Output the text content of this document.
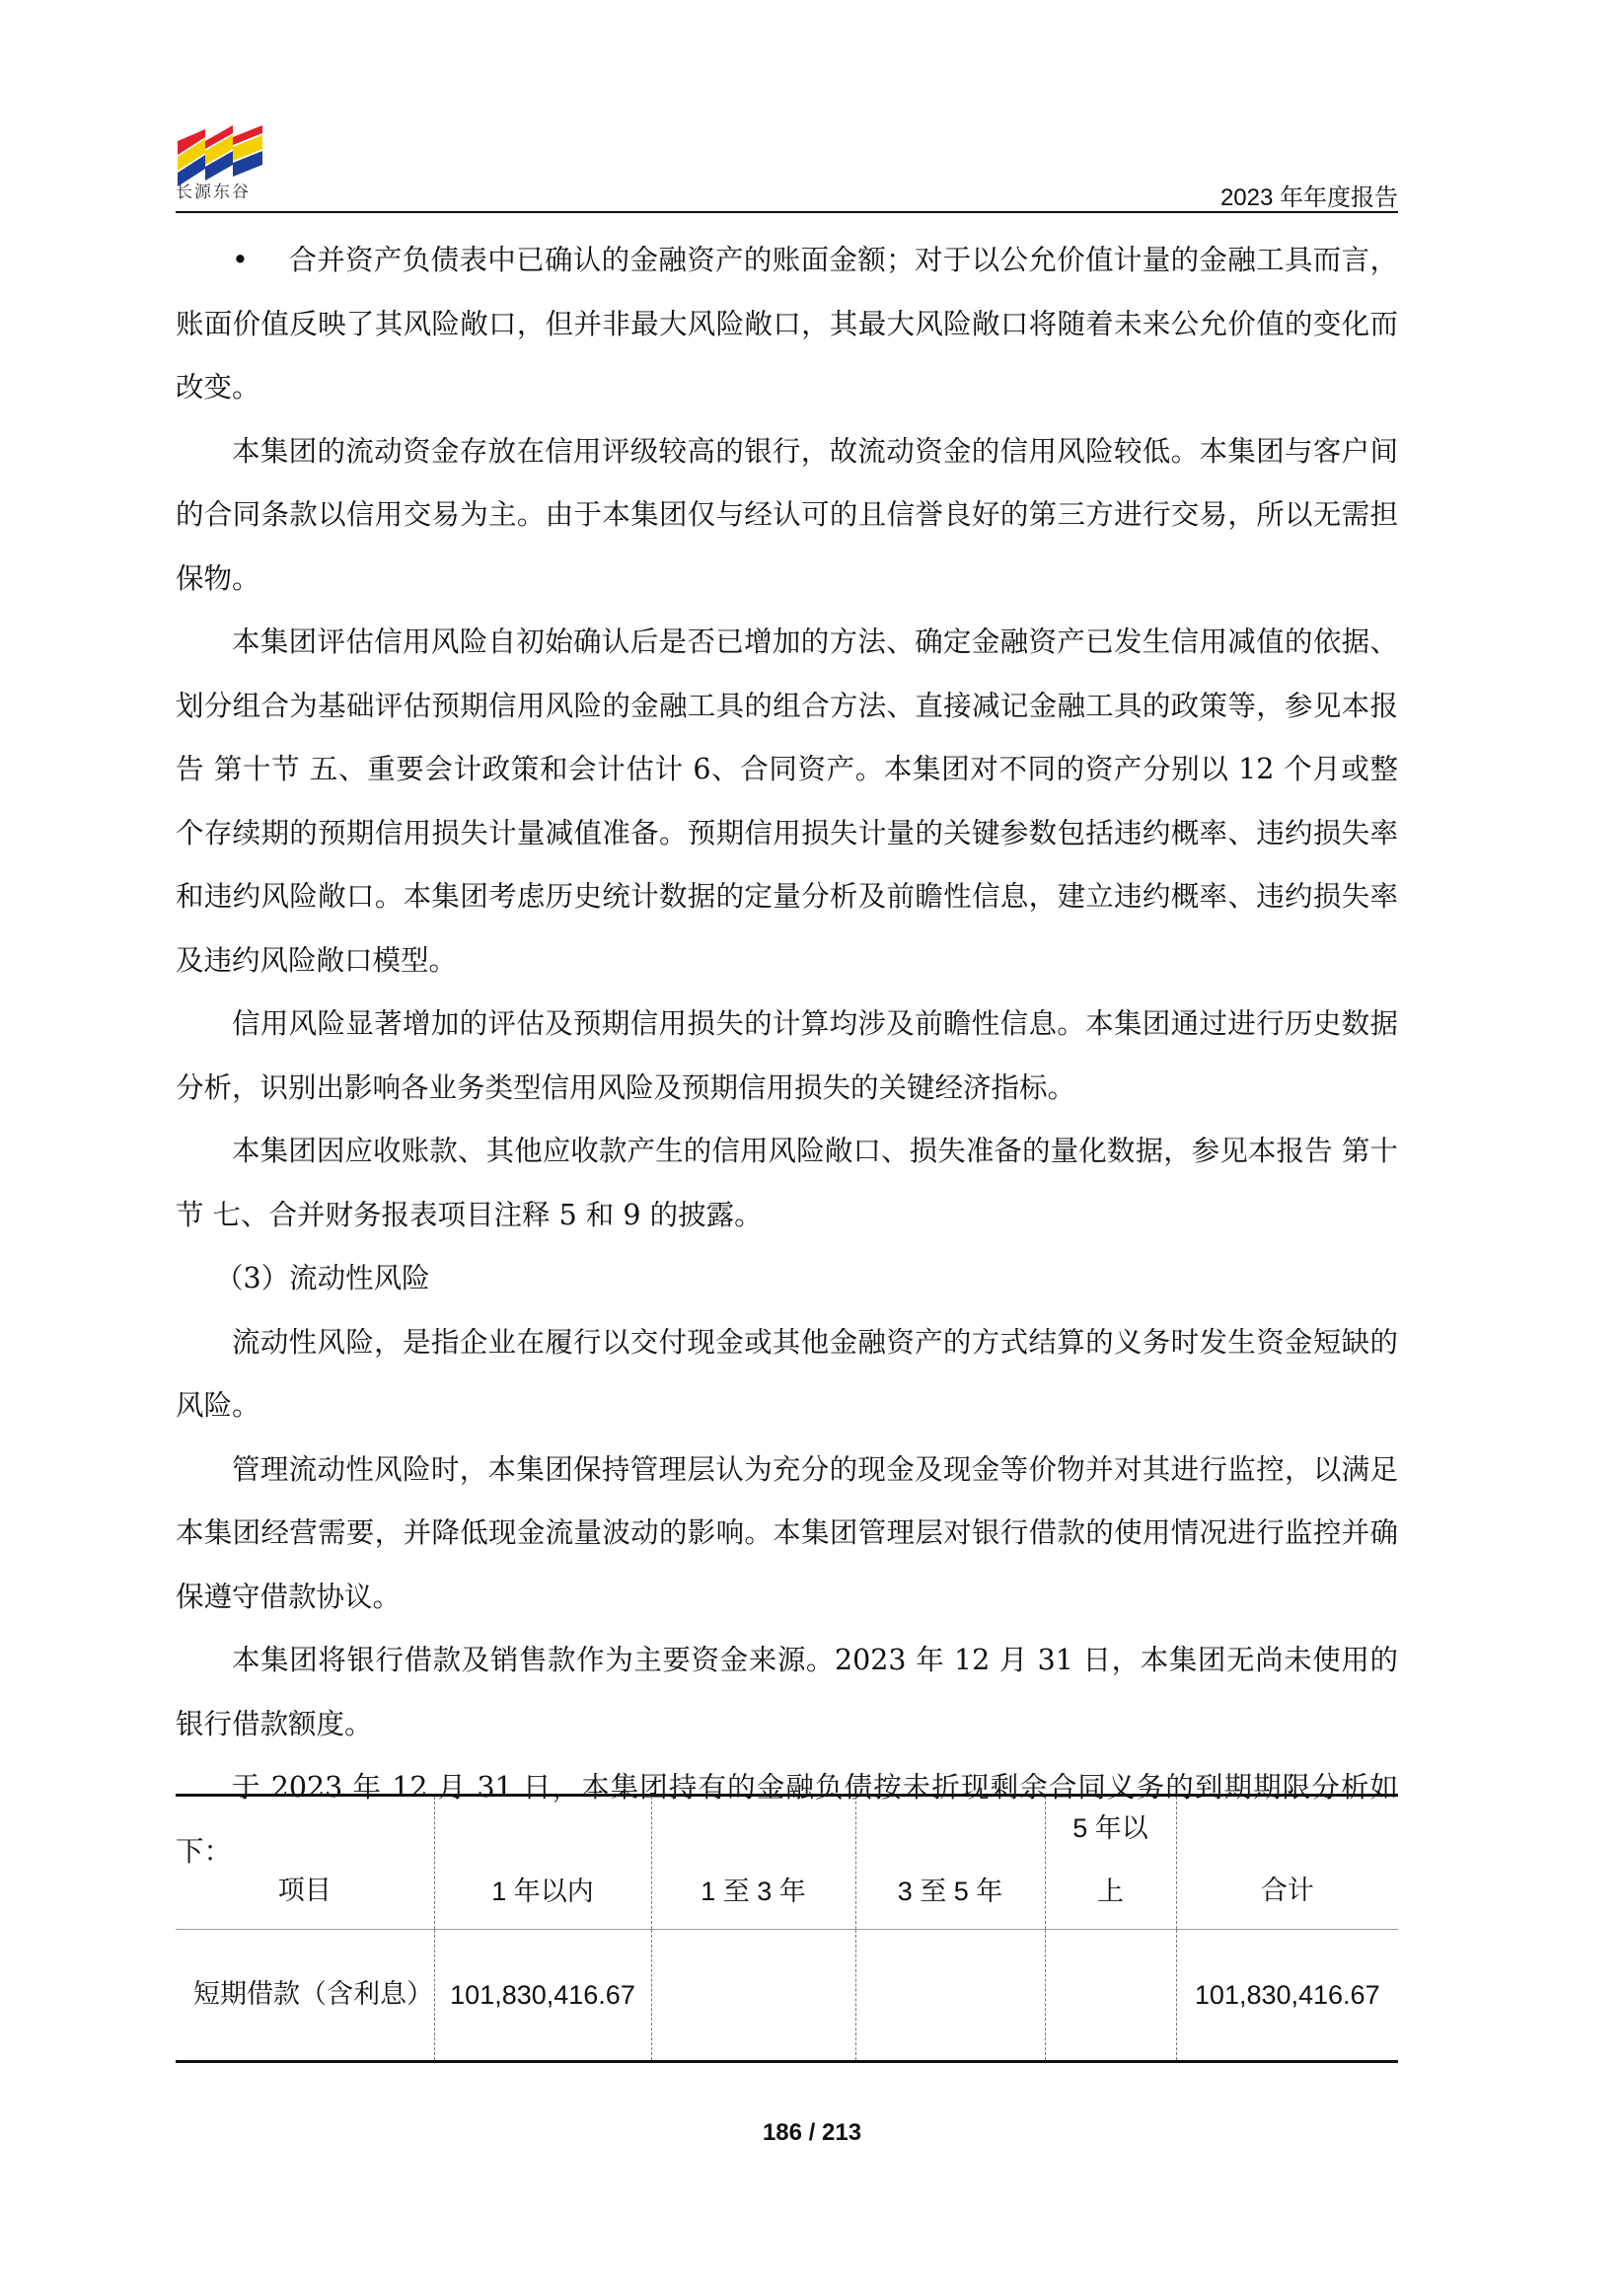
长源东谷	2023 年年度报告

• 合并资产负债表中已确认的金融资产的账面金额；对于以公允价值计量的金融工具而言，账面价值反映了其风险敞口，但并非最大风险敞口，其最大风险敞口将随着未来公允价值的变化而改变。

本集团的流动资金存放在信用评级较高的银行，故流动资金的信用风险较低。本集团与客户间的合同条款以信用交易为主。由于本集团仅与经认可的且信誉良好的第三方进行交易，所以无需担保物。

本集团评估信用风险自初始确认后是否已增加的方法、确定金融资产已发生信用减值的依据、划分组合为基础评估预期信用风险的金融工具的组合方法、直接减记金融工具的政策等，参见本报告 第十节 五、重要会计政策和会计估计 6、合同资产。本集团对不同的资产分别以 12 个月或整个存续期的预期信用损失计量减值准备。预期信用损失计量的关键参数包括违约概率、违约损失率和违约风险敞口。本集团考虑历史统计数据的定量分析及前瞻性信息，建立违约概率、违约损失率及违约风险敞口模型。

信用风险显著增加的评估及预期信用损失的计算均涉及前瞻性信息。本集团通过进行历史数据分析，识别出影响各业务类型信用风险及预期信用损失的关键经济指标。

本集团因应收账款、其他应收款产生的信用风险敞口、损失准备的量化数据，参见本报告 第十节 七、合并财务报表项目注释 5 和 9 的披露。

（3）流动性风险

流动性风险，是指企业在履行以交付现金或其他金融资产的方式结算的义务时发生资金短缺的风险。

管理流动性风险时，本集团保持管理层认为充分的现金及现金等价物并对其进行监控，以满足本集团经营需要，并降低现金流量波动的影响。本集团管理层对银行借款的使用情况进行监控并确保遵守借款协议。

本集团将银行借款及销售款作为主要资金来源。2023 年 12 月 31 日，本集团无尚未使用的银行借款额度。

于 2023 年 12 月 31 日，本集团持有的金融负债按未折现剩余合同义务的到期期限分析如下：

项目	1 年以内	1 至 3 年	3 至 5 年	5 年以上	合计
短期借款（含利息）	101,830,416.67				101,830,416.67
186 / 213
